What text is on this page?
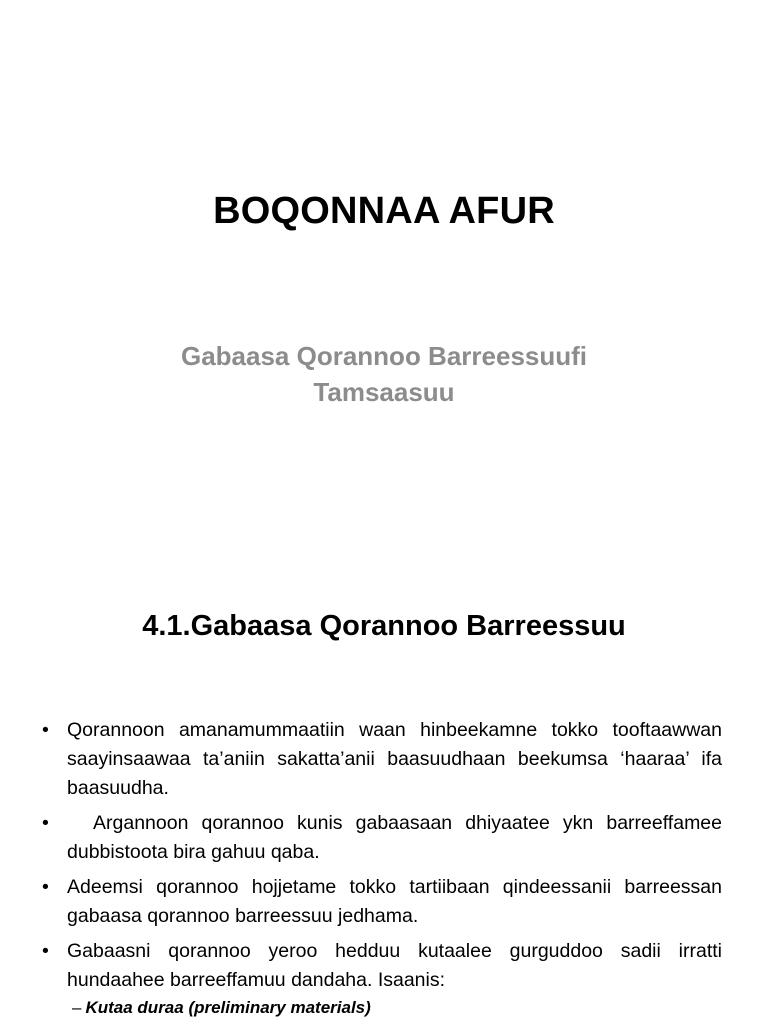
BOQONNAA AFUR
Gabaasa Qorannoo Barreessuufi
Tamsaasuu
4.1.Gabaasa Qorannoo Barreessuu
• Qorannoon amanamummaatiin waan hinbeekamne tokko tooftaawwan saayinsaawaa ta’aniin sakatta’anii baasuudhaan beekumsa ‘haaraa’ ifa baasuudha.
•	Argannoon qorannoo kunis gabaasaan dhiyaatee ykn barreeffamee dubbistoota bira gahuu qaba.
• Adeemsi qorannoo hojjetame tokko tartiibaan qindeessanii barreessan gabaasa qorannoo barreessuu jedhama.
• Gabaasni qorannoo yeroo hedduu kutaalee gurguddoo sadii irratti hundaahee barreeffamuu dandaha. Isaanis:
– Kutaa duraa (preliminary materials)
